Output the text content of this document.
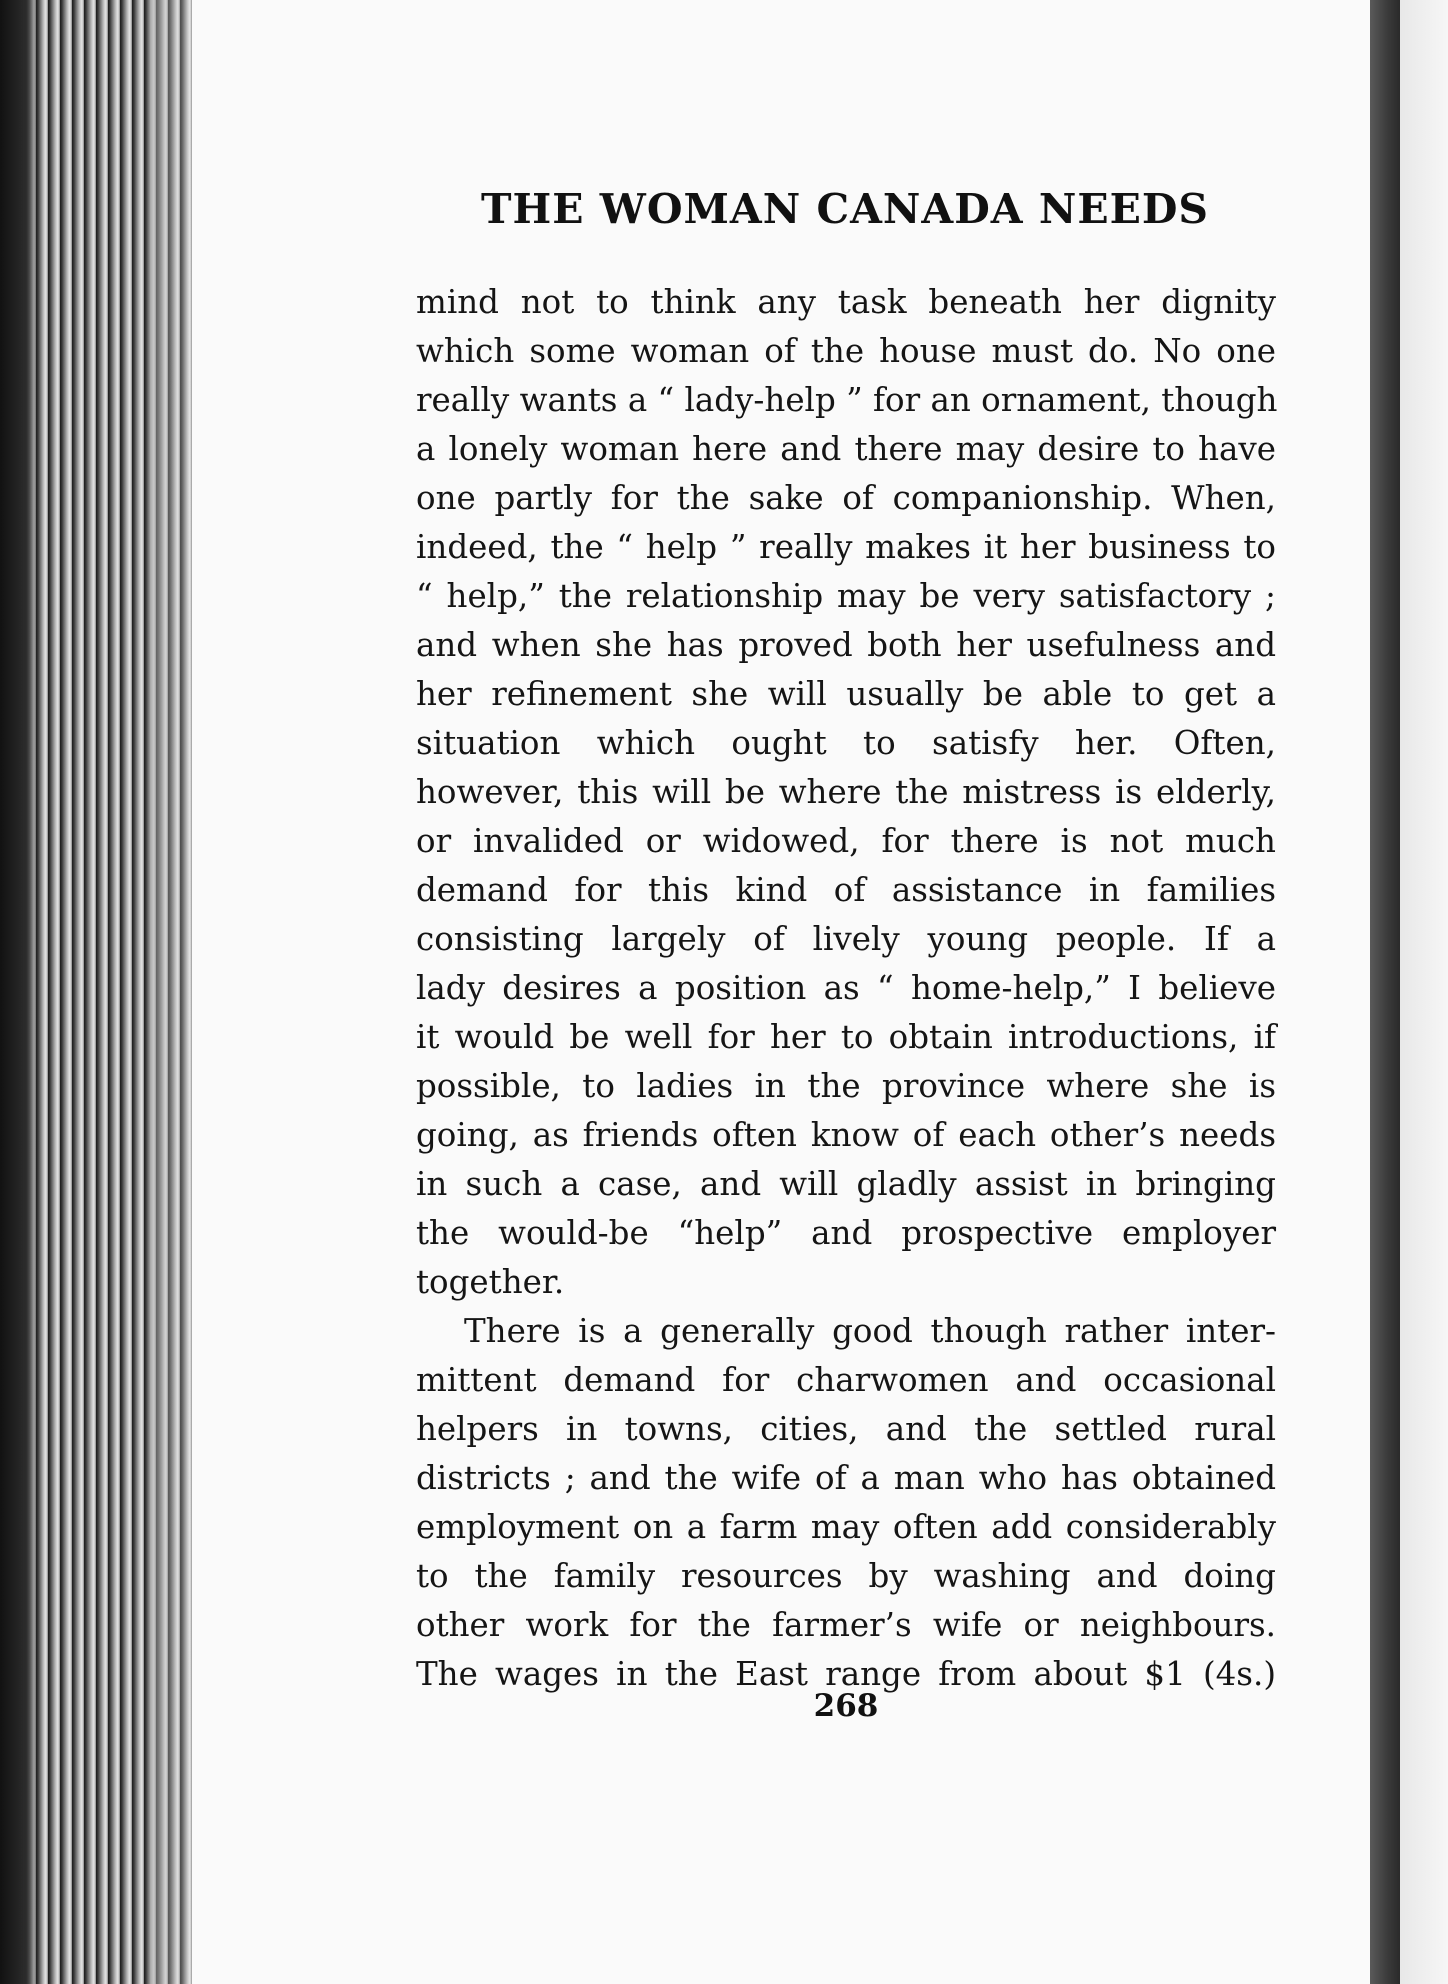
THE WOMAN CANADA NEEDS
mind not to think any task beneath her dignity
which some woman of the house must do. No one
really wants a “ lady-help ” for an ornament, though
a lonely woman here and there may desire to have
one partly for the sake of companionship. When,
indeed, the “ help ” really makes it her business to
“ help,” the relationship may be very satisfactory ;
and when she has proved both her usefulness and
her refinement she will usually be able to get a
situation which ought to satisfy her. Often,
however, this will be where the mistress is elderly,
or invalided or widowed, for there is not much
demand for this kind of assistance in families
consisting largely of lively young people. If a
lady desires a position as “ home-help,” I believe
it would be well for her to obtain introductions, if
possible, to ladies in the province where she is
going, as friends often know of each other’s needs
in such a case, and will gladly assist in bringing
the would-be “help” and prospective employer
together.
There is a generally good though rather inter-
mittent demand for charwomen and occasional
helpers in towns, cities, and the settled rural
districts ; and the wife of a man who has obtained
employment on a farm may often add considerably
to the family resources by washing and doing
other work for the farmer’s wife or neighbours.
The wages in the East range from about $1 (4s.)
268
